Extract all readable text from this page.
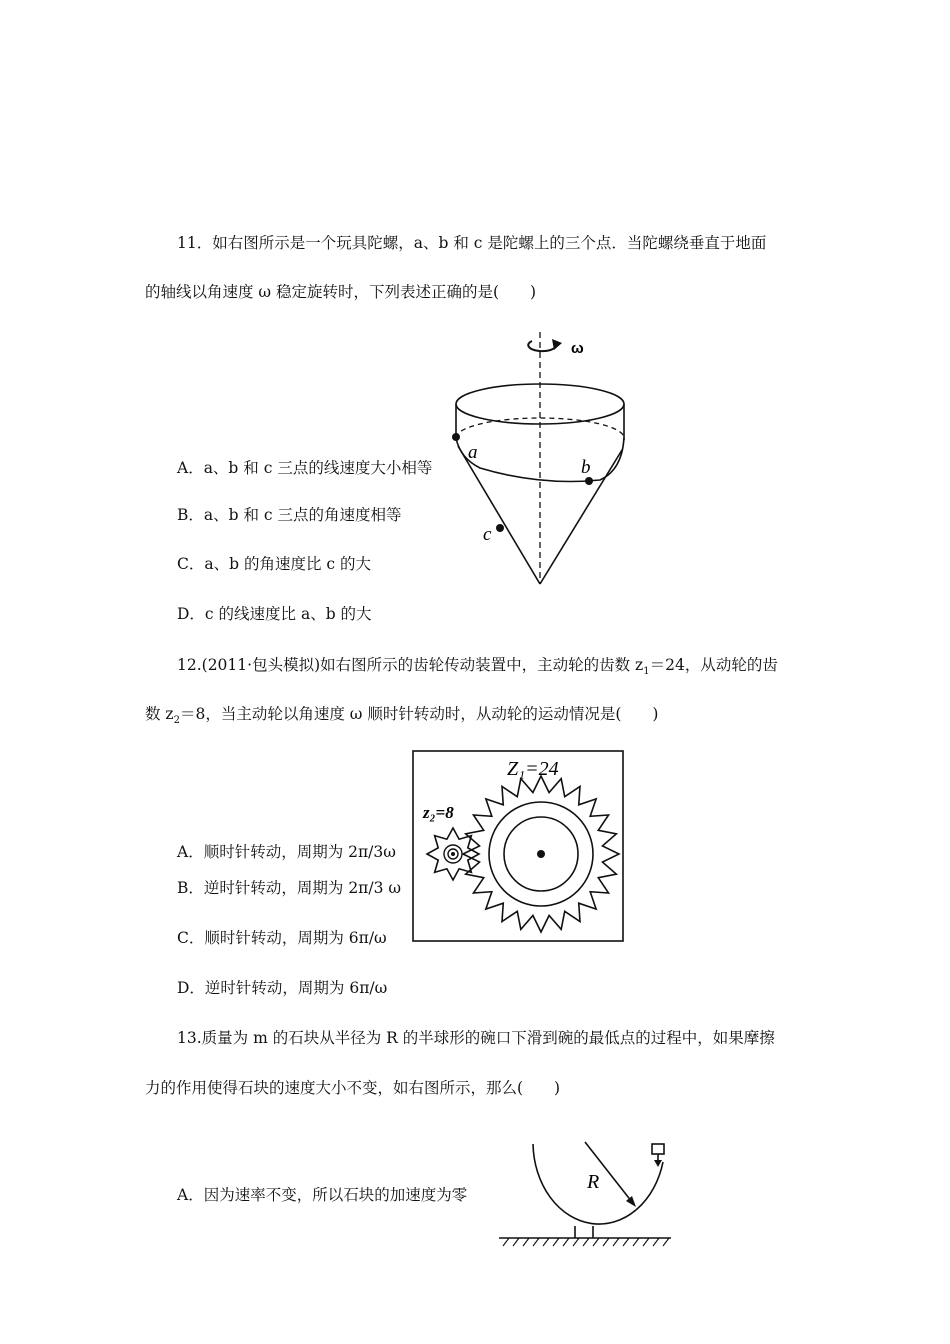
11．如右图所示是一个玩具陀螺，a、b 和 c 是陀螺上的三个点．当陀螺绕垂直于地面
的轴线以角速度 ω 稳定旋转时，下列表述正确的是(　　)
ω
a
b
c
A．a、b 和 c 三点的线速度大小相等
B．a、b 和 c 三点的角速度相等
C．a、b 的角速度比 c 的大
D．c 的线速度比 a、b 的大
12.(2011·包头模拟)如右图所示的齿轮传动装置中，主动轮的齿数 $z_1=24$，从动轮的齿
数 $z_2=8$，当主动轮以角速度 ω 顺时针转动时，从动轮的运动情况是(　　)
Z₁=24
z₂=8
A．顺时针转动，周期为 2π/3ω
B．逆时针转动，周期为 2π/3 ω
C．顺时针转动，周期为 6π/ω
D．逆时针转动，周期为 6π/ω
13.质量为 m 的石块从半径为 R 的半球形的碗口下滑到碗的最低点的过程中，如果摩擦
力的作用使得石块的速度大小不变，如右图所示，那么(　　)
R
A．因为速率不变，所以石块的加速度为零
